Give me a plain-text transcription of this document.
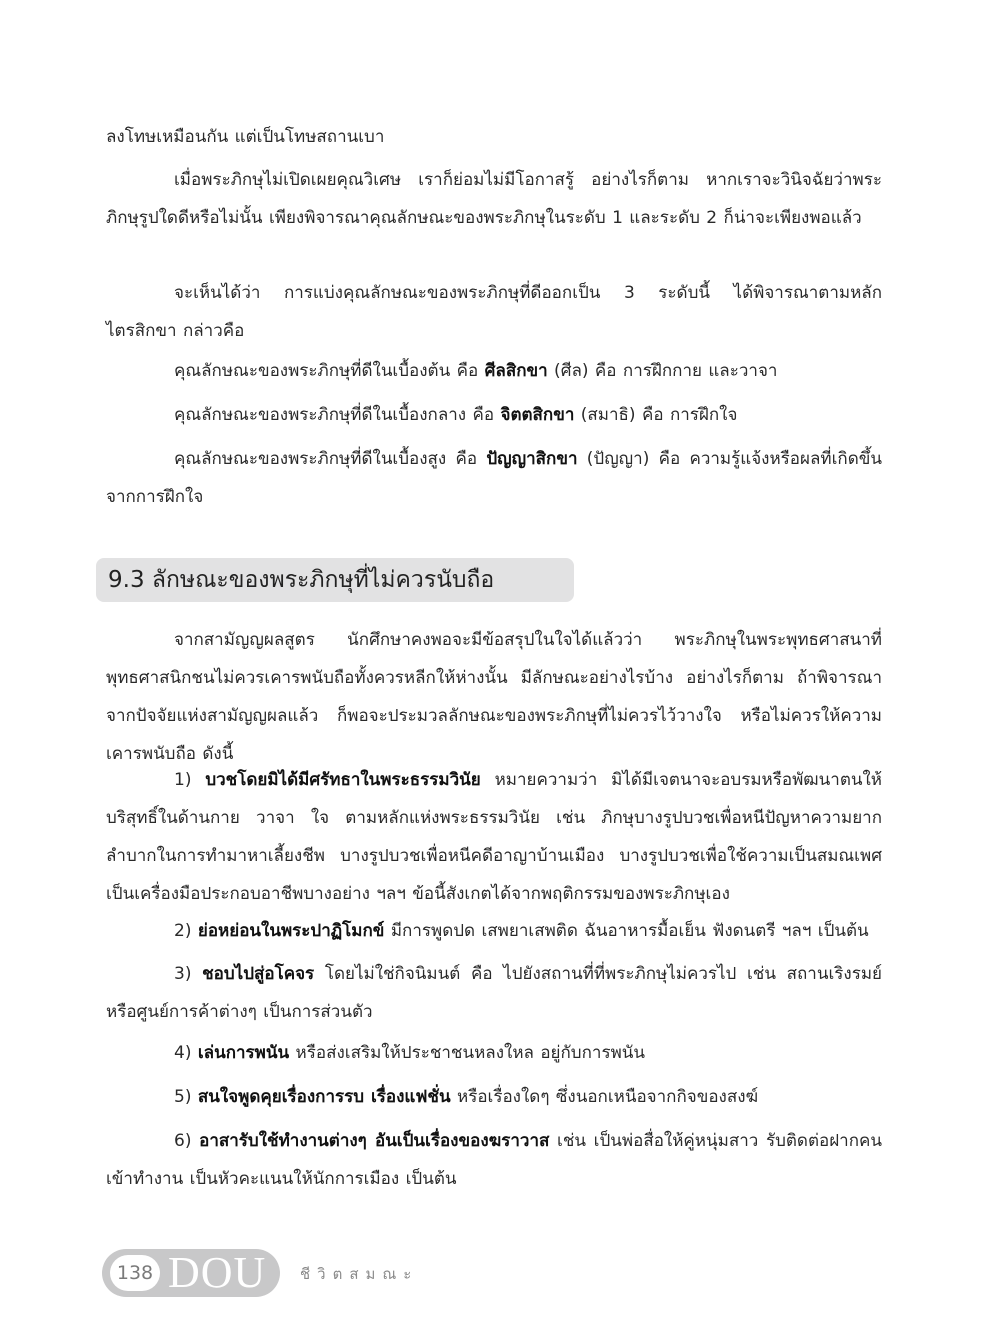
ลงโทษเหมือนกัน แต่เป็นโทษสถานเบา

เมื่อพระภิกษุไม่เปิดเผยคุณวิเศษ เราก็ย่อมไม่มีโอกาสรู้ อย่างไรก็ตาม หากเราจะวินิจฉัยว่าพระภิกษุรูปใดดีหรือไม่นั้น เพียงพิจารณาคุณลักษณะของพระภิกษุในระดับ 1 และระดับ 2 ก็น่าจะเพียงพอแล้ว

จะเห็นได้ว่า การแบ่งคุณลักษณะของพระภิกษุที่ดีออกเป็น 3 ระดับนี้ ได้พิจารณาตามหลักไตรสิกขา กล่าวคือ

คุณลักษณะของพระภิกษุที่ดีในเบื้องต้น คือ ศีลสิกขา (ศีล) คือ การฝึกกาย และวาจา

คุณลักษณะของพระภิกษุที่ดีในเบื้องกลาง คือ จิตตสิกขา (สมาธิ) คือ การฝึกใจ

คุณลักษณะของพระภิกษุที่ดีในเบื้องสูง คือ ปัญญาสิกขา (ปัญญา) คือ ความรู้แจ้งหรือผลที่เกิดขึ้นจากการฝึกใจ

9.3 ลักษณะของพระภิกษุที่ไม่ควรนับถือ

จากสามัญญผลสูตร นักศึกษาคงพอจะมีข้อสรุปในใจได้แล้วว่า พระภิกษุในพระพุทธศาสนาที่พุทธศาสนิกชนไม่ควรเคารพนับถือทั้งควรหลีกให้ห่างนั้น มีลักษณะอย่างไรบ้าง อย่างไรก็ตาม ถ้าพิจารณาจากปัจจัยแห่งสามัญญผลแล้ว ก็พอจะประมวลลักษณะของพระภิกษุที่ไม่ควรไว้วางใจ หรือไม่ควรให้ความเคารพนับถือ ดังนี้

1) บวชโดยมิได้มีศรัทธาในพระธรรมวินัย หมายความว่า มิได้มีเจตนาจะอบรมหรือพัฒนาตนให้บริสุทธิ์ในด้านกาย วาจา ใจ ตามหลักแห่งพระธรรมวินัย เช่น ภิกษุบางรูปบวชเพื่อหนีปัญหาความยากลำบากในการทำมาหาเลี้ยงชีพ บางรูปบวชเพื่อหนีคดีอาญาบ้านเมือง บางรูปบวชเพื่อใช้ความเป็นสมณเพศ เป็นเครื่องมือประกอบอาชีพบางอย่าง ฯลฯ ข้อนี้สังเกตได้จากพฤติกรรมของพระภิกษุเอง

2) ย่อหย่อนในพระปาฏิโมกข์ มีการพูดปด เสพยาเสพติด ฉันอาหารมื้อเย็น ฟังดนตรี ฯลฯ เป็นต้น

3) ชอบไปสู่อโคจร โดยไม่ใช่กิจนิมนต์ คือ ไปยังสถานที่ที่พระภิกษุไม่ควรไป เช่น สถานเริงรมย์ หรือศูนย์การค้าต่างๆ เป็นการส่วนตัว

4) เล่นการพนัน หรือส่งเสริมให้ประชาชนหลงใหล อยู่กับการพนัน

5) สนใจพูดคุยเรื่องการรบ เรื่องแฟชั่น หรือเรื่องใดๆ ซึ่งนอกเหนือจากกิจของสงฆ์

6) อาสารับใช้ทำงานต่างๆ อันเป็นเรื่องของฆราวาส เช่น เป็นพ่อสื่อให้คู่หนุ่มสาว รับติดต่อฝากคนเข้าทำงาน เป็นหัวคะแนนให้นักการเมือง เป็นต้น

138 DOU ชีวิตสมณะ
